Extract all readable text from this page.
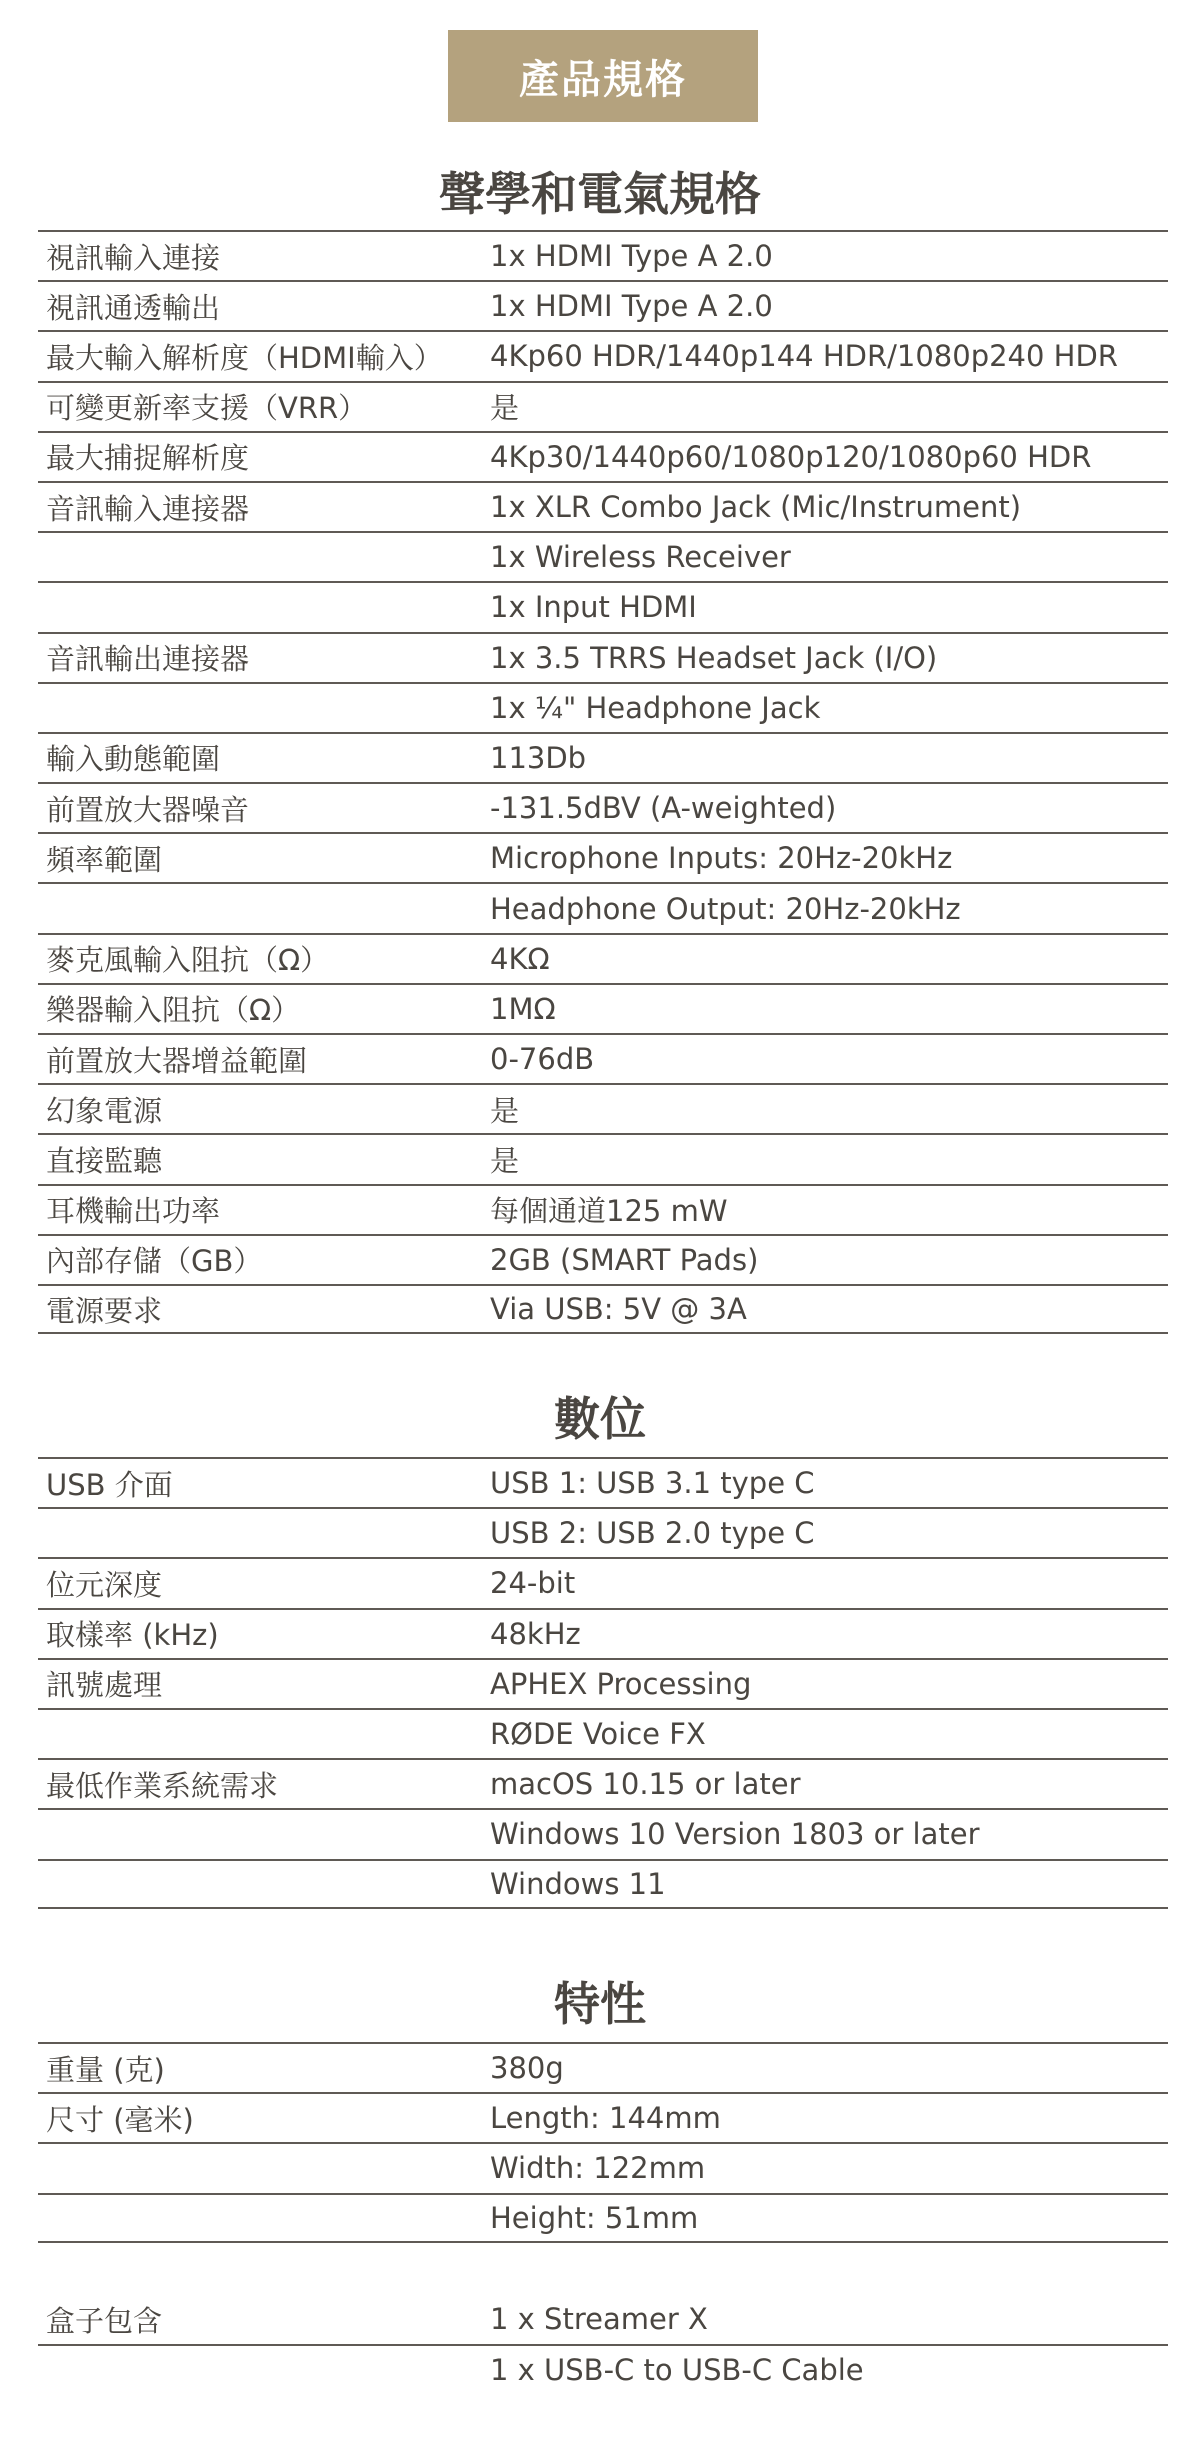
產品規格
聲學和電氣規格
視訊輸入連接	1x HDMI Type A 2.0
視訊通透輸出	1x HDMI Type A 2.0
最大輸入解析度（HDMI輸入） 4Kp60 HDR/1440p144 HDR/1080p240 HDR
可變更新率支援（VRR）	是
最大捕捉解析度	4Kp30/1440p60/1080p120/1080p60 HDR
音訊輸入連接器	1x XLR Combo Jack (Mic/Instrument)
1x Wireless Receiver
1x Input HDMI
音訊輸出連接器	1x 3.5 TRRS Headset Jack (I/O)
1x ¼" Headphone Jack
輸入動態範圍	113Db
前置放大器噪音	-131.5dBV (A-weighted)
頻率範圍	Microphone Inputs: 20Hz-20kHz
Headphone Output: 20Hz-20kHz
麥克風輸入阻抗（Ω）	4KΩ
樂器輸入阻抗（Ω）	1MΩ
前置放大器增益範圍	0-76dB
幻象電源	是
直接監聽	是
耳機輸出功率	每個通道125 mW
內部存儲（GB）	2GB (SMART Pads)
電源要求	Via USB: 5V @ 3A
數位
USB 介面	USB 1: USB 3.1 type C
USB 2: USB 2.0 type C
位元深度	24-bit
取樣率 (kHz)	48kHz
訊號處理	APHEX Processing
RØDE Voice FX
最低作業系統需求	macOS 10.15 or later
Windows 10 Version 1803 or later
Windows 11
特性
重量 (克)	380g
尺寸 (毫米)	Length: 144mm
Width: 122mm
Height: 51mm
盒子包含	1 x Streamer X
1 x USB-C to USB-C Cable
